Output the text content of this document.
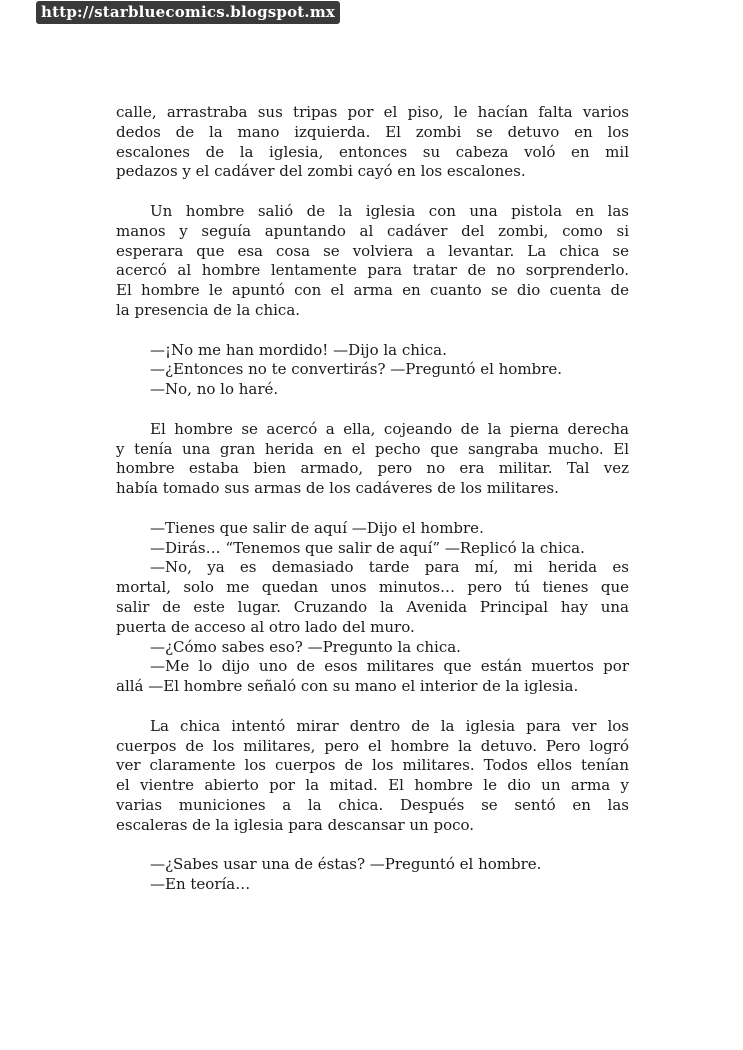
http://starbluecomics.blogspot.mx
calle, arrastraba sus tripas por el piso, le hacían falta varios
dedos de la mano izquierda. El zombi se detuvo en los
escalones de la iglesia, entonces su cabeza voló en mil
pedazos y el cadáver del zombi cayó en los escalones.
Un hombre salió de la iglesia con una pistola en las
manos y seguía apuntando al cadáver del zombi, como si
esperara que esa cosa se volviera a levantar. La chica se
acercó al hombre lentamente para tratar de no sorprenderlo.
El hombre le apuntó con el arma en cuanto se dio cuenta de
la presencia de la chica.
—¡No me han mordido! —Dijo la chica.
—¿Entonces no te convertirás? —Preguntó el hombre.
—No, no lo haré.
El hombre se acercó a ella, cojeando de la pierna derecha
y tenía una gran herida en el pecho que sangraba mucho. El
hombre estaba bien armado, pero no era militar. Tal vez
había tomado sus armas de los cadáveres de los militares.
—Tienes que salir de aquí —Dijo el hombre.
—Dirás… “Tenemos que salir de aquí” —Replicó la chica.
—No, ya es demasiado tarde para mí, mi herida es
mortal, solo me quedan unos minutos… pero tú tienes que
salir de este lugar. Cruzando la Avenida Principal hay una
puerta de acceso al otro lado del muro.
—¿Cómo sabes eso? —Pregunto la chica.
—Me lo dijo uno de esos militares que están muertos por
allá —El hombre señaló con su mano el interior de la iglesia.
La chica intentó mirar dentro de la iglesia para ver los
cuerpos de los militares, pero el hombre la detuvo. Pero logró
ver claramente los cuerpos de los militares. Todos ellos tenían
el vientre abierto por la mitad. El hombre le dio un arma y
varias municiones a la chica. Después se sentó en las
escaleras de la iglesia para descansar un poco.
—¿Sabes usar una de éstas? —Preguntó el hombre.
—En teoría…
